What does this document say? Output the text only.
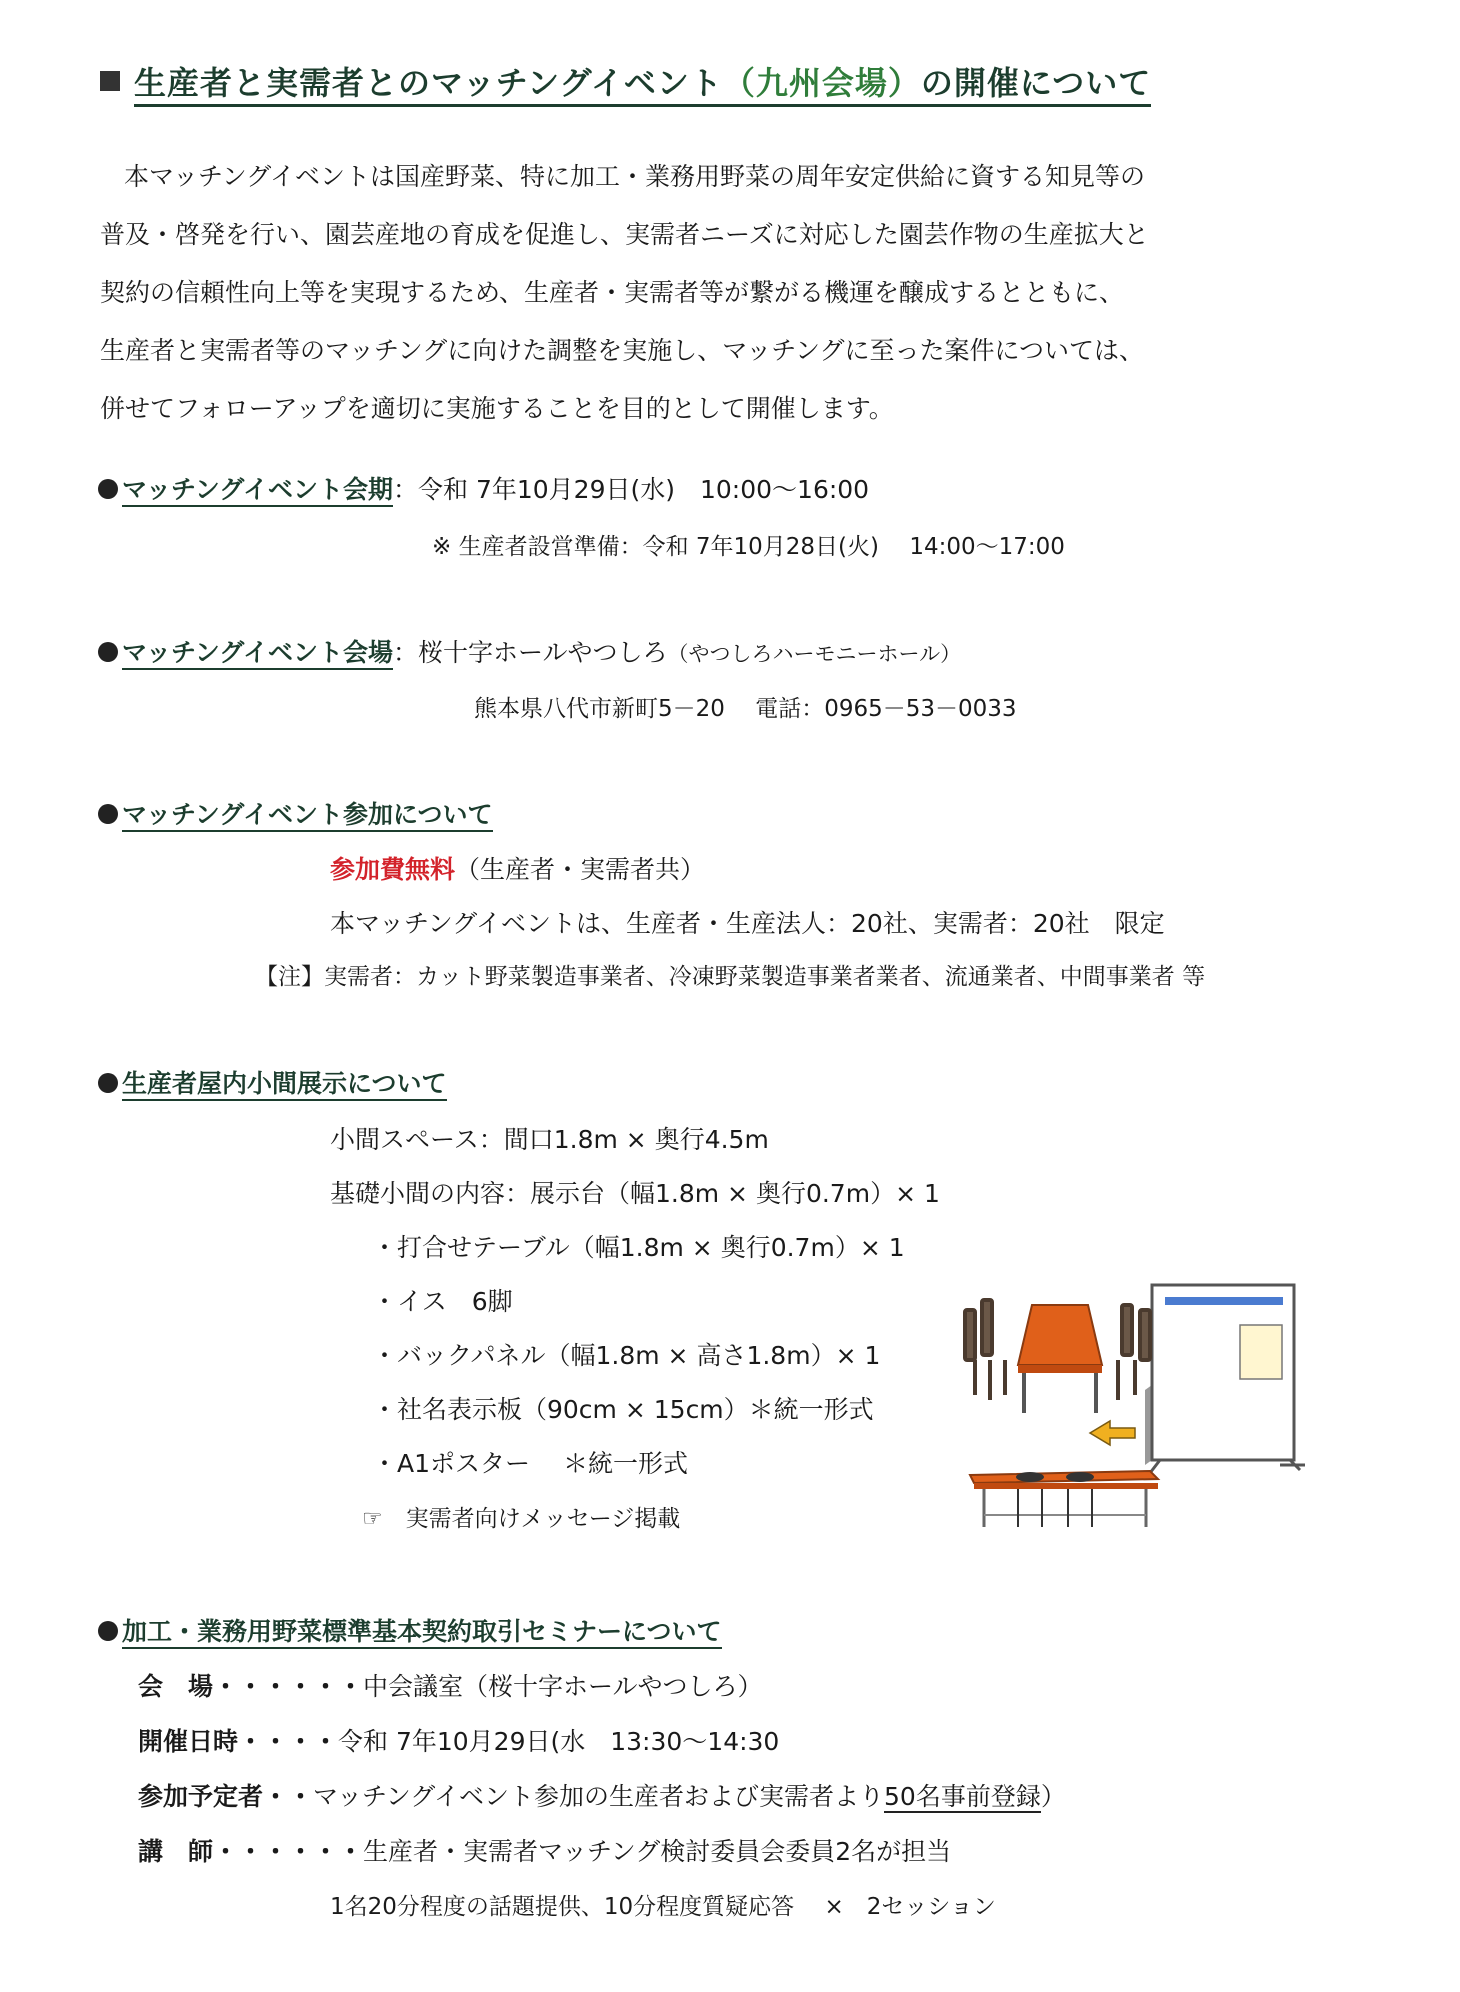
生産者と実需者とのマッチングイベント（九州会場）の開催について
本マッチングイベントは国産野菜、特に加工・業務用野菜の周年安定供給に資する知見等の
普及・啓発を行い、園芸産地の育成を促進し、実需者ニーズに対応した園芸作物の生産拡大と
契約の信頼性向上等を実現するため、生産者・実需者等が繋がる機運を醸成するとともに、
生産者と実需者等のマッチングに向けた調整を実施し、マッチングに至った案件については、
併せてフォローアップを適切に実施することを目的として開催します。
マッチングイベント会期：令和 7年10月29日(水)　10:00～16:00
※ 生産者設営準備：令和 7年10月28日(火)　 14:00～17:00
マッチングイベント会場：桜十字ホールやつしろ（やつしろハーモニーホール）
熊本県八代市新町5－20　 電話：0965－53－0033
マッチングイベント参加について
参加費無料（生産者・実需者共）
本マッチングイベントは、生産者・生産法人：20社、実需者：20社　限定
【注】実需者：カット野菜製造事業者、冷凍野菜製造事業者業者、流通業者、中間事業者 等
生産者屋内小間展示について
小間スペース：間口1.8m × 奥行4.5m
基礎小間の内容：展示台（幅1.8m × 奥行0.7m）× 1
・打合せテーブル（幅1.8m × 奥行0.7m）× 1
・イス　6脚
・バックパネル（幅1.8m × 高さ1.8m）× 1
・社名表示板（90cm × 15cm）＊統一形式
・A1ポスター　 ＊統一形式
☞　実需者向けメッセージ掲載
加工・業務用野菜標準基本契約取引セミナーについて
会　場・・・・・・中会議室（桜十字ホールやつしろ）
開催日時・・・・令和 7年10月29日(水　13:30～14:30
参加予定者・・マッチングイベント参加の生産者および実需者より50名事前登録）
講　師・・・・・・生産者・実需者マッチング検討委員会委員2名が担当
1名20分程度の話題提供、10分程度質疑応答　 ×　2セッション
